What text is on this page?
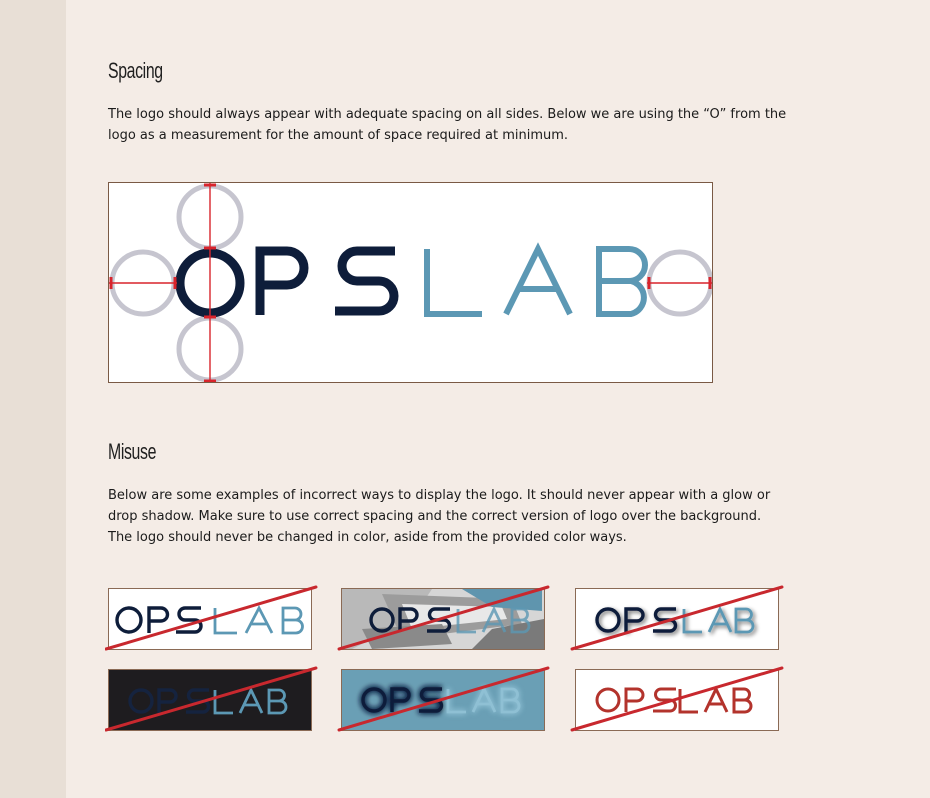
Spacing

The logo should always appear with adequate spacing on all sides. Below we are using the “O” from the logo as a measurement for the amount of space required at minimum.

Misuse

Below are some examples of incorrect ways to display the logo. It should never appear with a glow or drop shadow. Make sure to use correct spacing and the correct version of logo over the background. The logo should never be changed in color, aside from the provided color ways.
